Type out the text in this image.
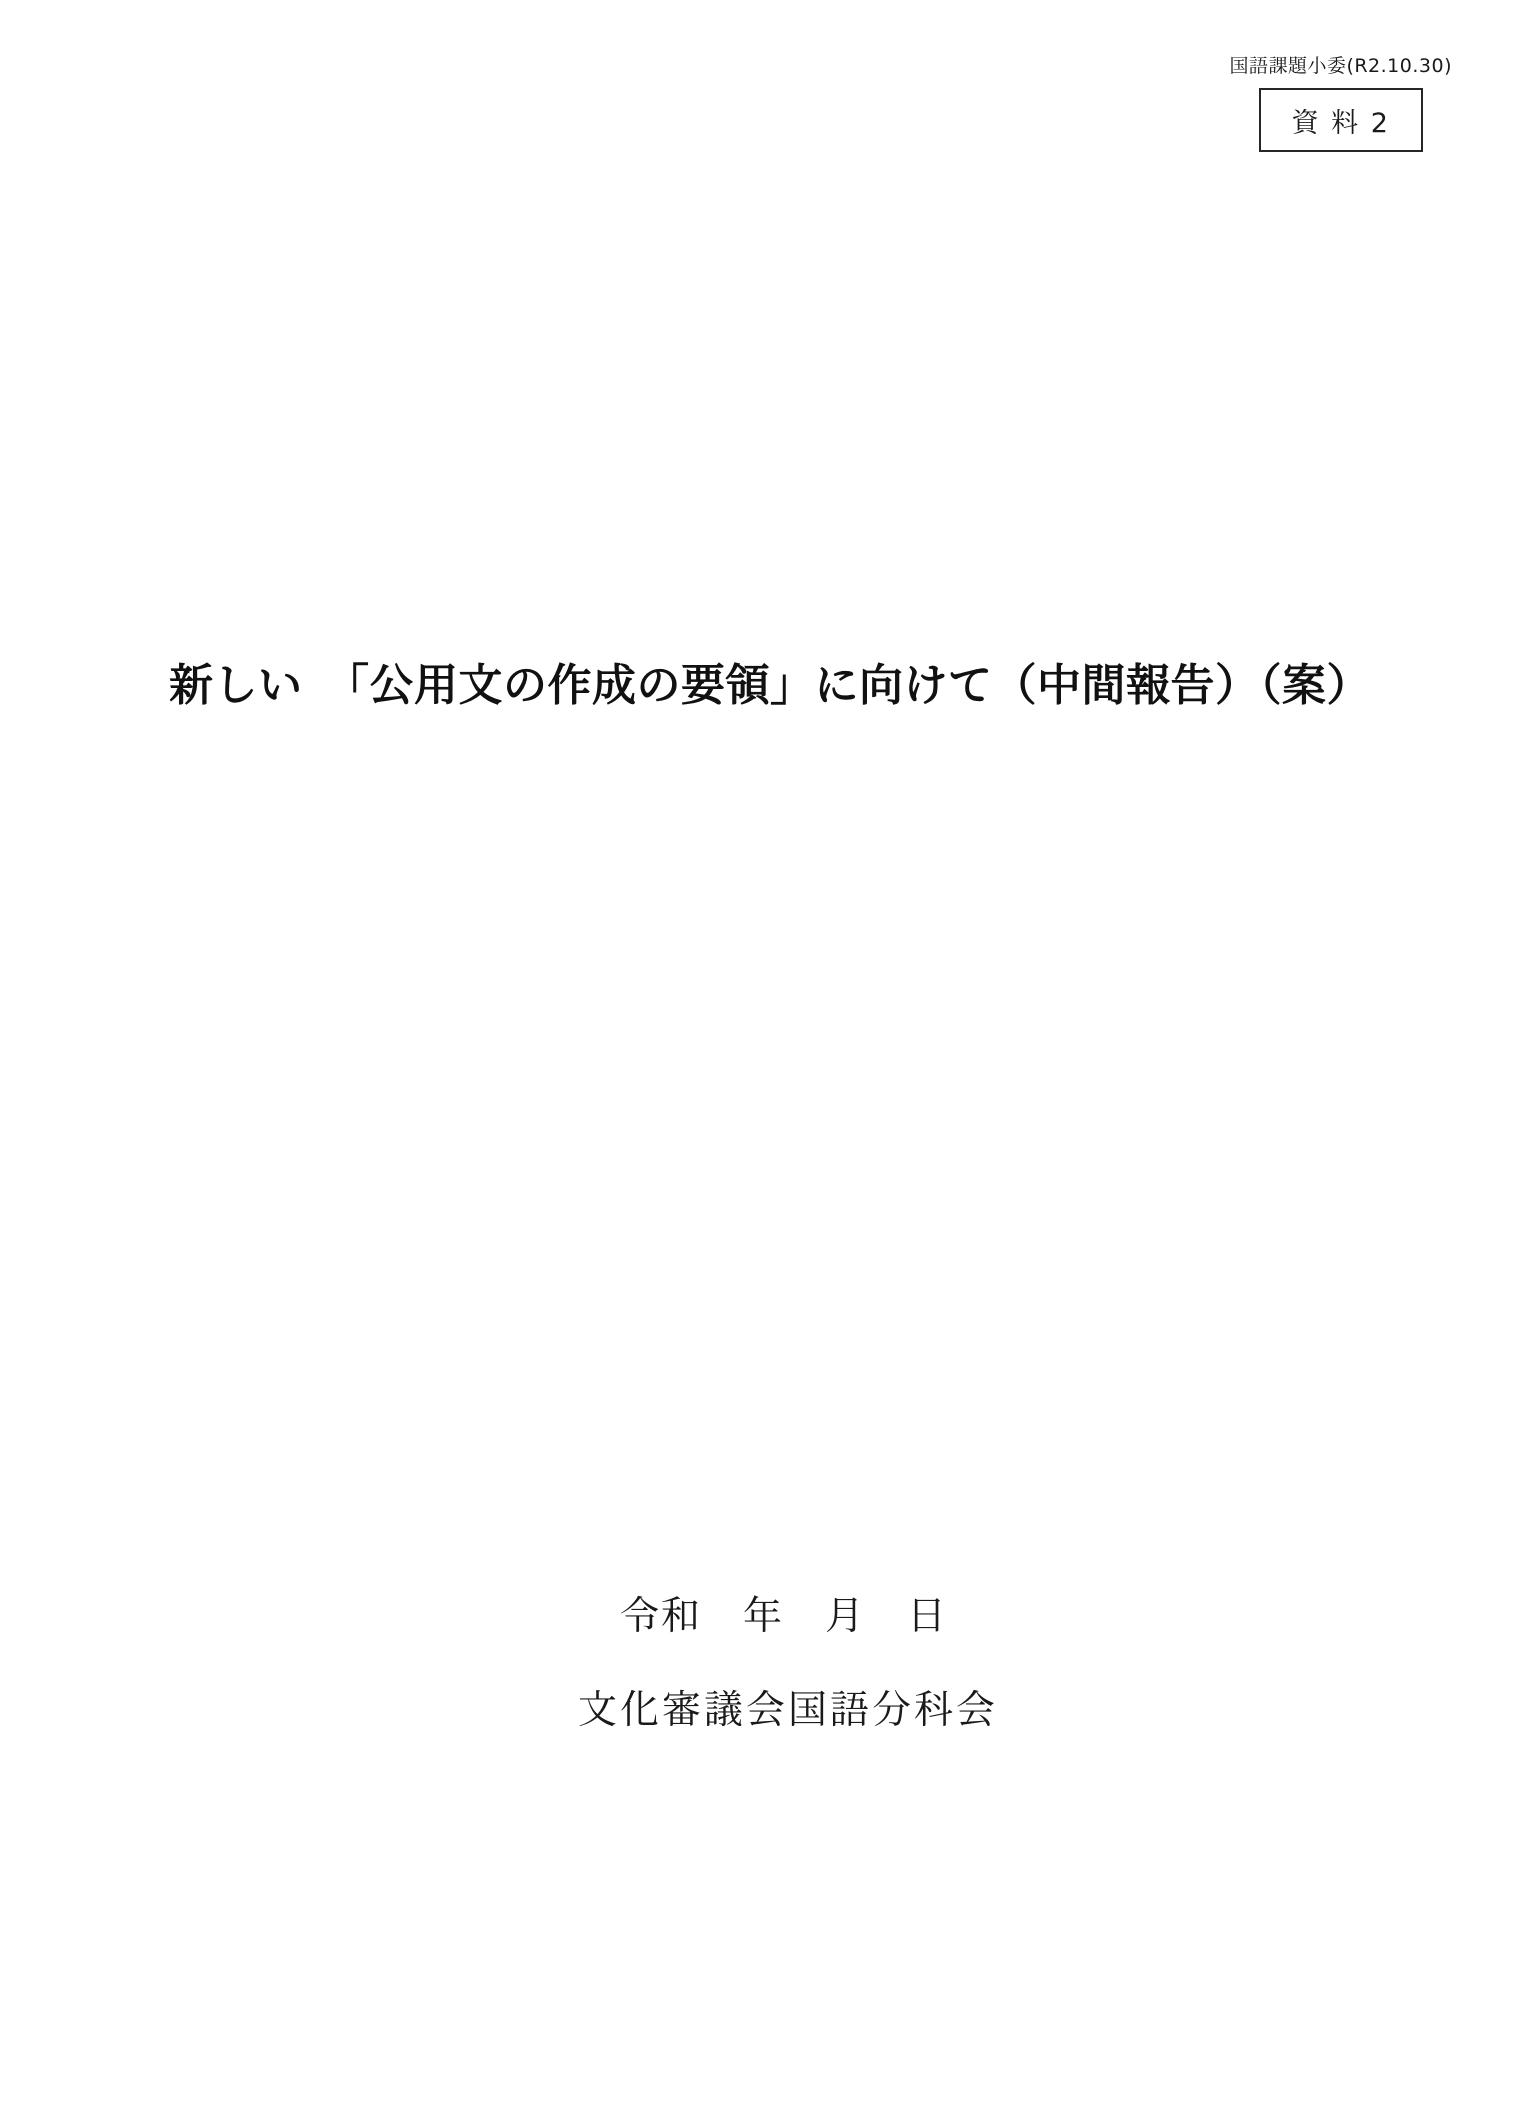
国語課題小委(R2.10.30)
資 料 2
新しい 「公用文の作成の要領」に向けて（中間報告）（案）
令和　年　月　日
文化審議会国語分科会
